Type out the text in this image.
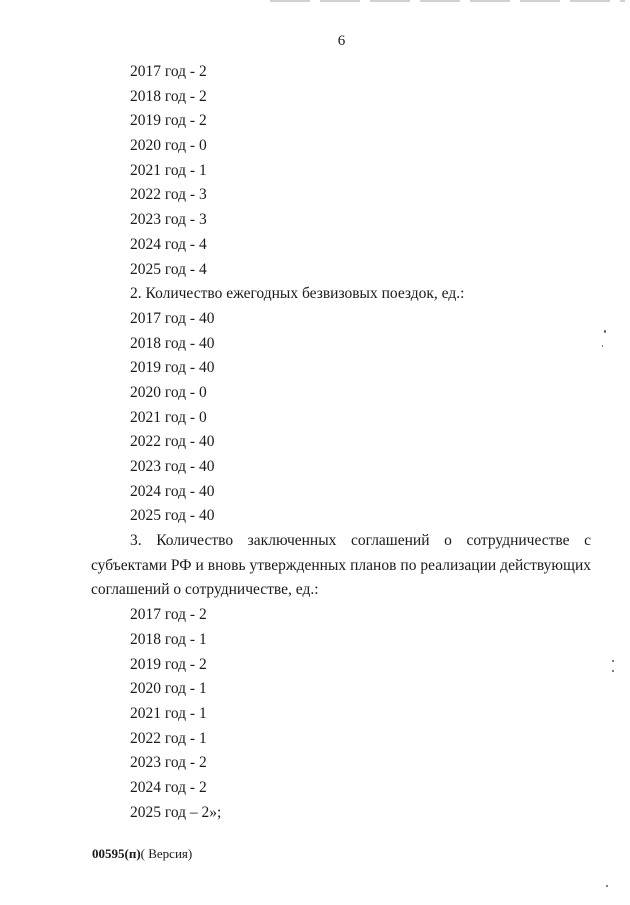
6
2017 год - 2
2018 год - 2
2019 год - 2
2020 год - 0
2021 год - 1
2022 год - 3
2023 год - 3
2024 год - 4
2025 год - 4
2. Количество ежегодных безвизовых поездок, ед.:
2017 год - 40
2018 год - 40
2019 год - 40
2020 год - 0
2021 год - 0
2022 год - 40
2023 год - 40
2024 год - 40
2025 год - 40
3. Количество заключенных соглашений о сотрудничестве с субъектами РФ и вновь утвержденных планов по реализации действующих соглашений о сотрудничестве, ед.:
2017 год - 2
2018 год - 1
2019 год - 2
2020 год - 1
2021 год - 1
2022 год - 1
2023 год - 2
2024 год - 2
2025 год – 2»;
00595(п)( Версия)
